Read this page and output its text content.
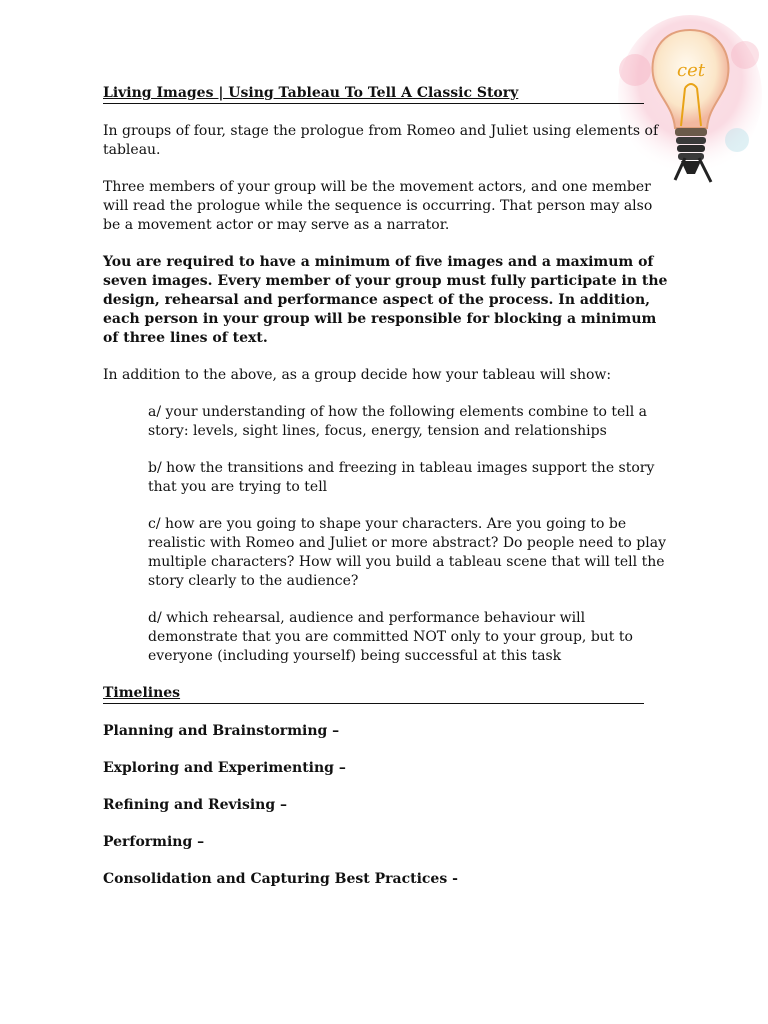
cet
Living Images | Using Tableau To Tell A Classic Story

In groups of four, stage the prologue from Romeo and Juliet using elements of tableau.

Three members of your group will be the movement actors, and one member will read the prologue while the sequence is occurring. That person may also be a movement actor or may serve as a narrator.

You are required to have a minimum of five images and a maximum of seven images. Every member of your group must fully participate in the design, rehearsal and performance aspect of the process. In addition, each person in your group will be responsible for blocking a minimum of three lines of text.

In addition to the above, as a group decide how your tableau will show:

a/ your understanding of how the following elements combine to tell a story: levels, sight lines, focus, energy, tension and relationships

b/ how the transitions and freezing in tableau images support the story that you are trying to tell

c/ how are you going to shape your characters. Are you going to be realistic with Romeo and Juliet or more abstract? Do people need to play multiple characters? How will you build a tableau scene that will tell the story clearly to the audience?

d/ which rehearsal, audience and performance behaviour will demonstrate that you are committed NOT only to your group, but to everyone (including yourself) being successful at this task

Timelines
Planning and Brainstorming –
Exploring and Experimenting –
Refining and Revising –
Performing –
Consolidation and Capturing Best Practices -
